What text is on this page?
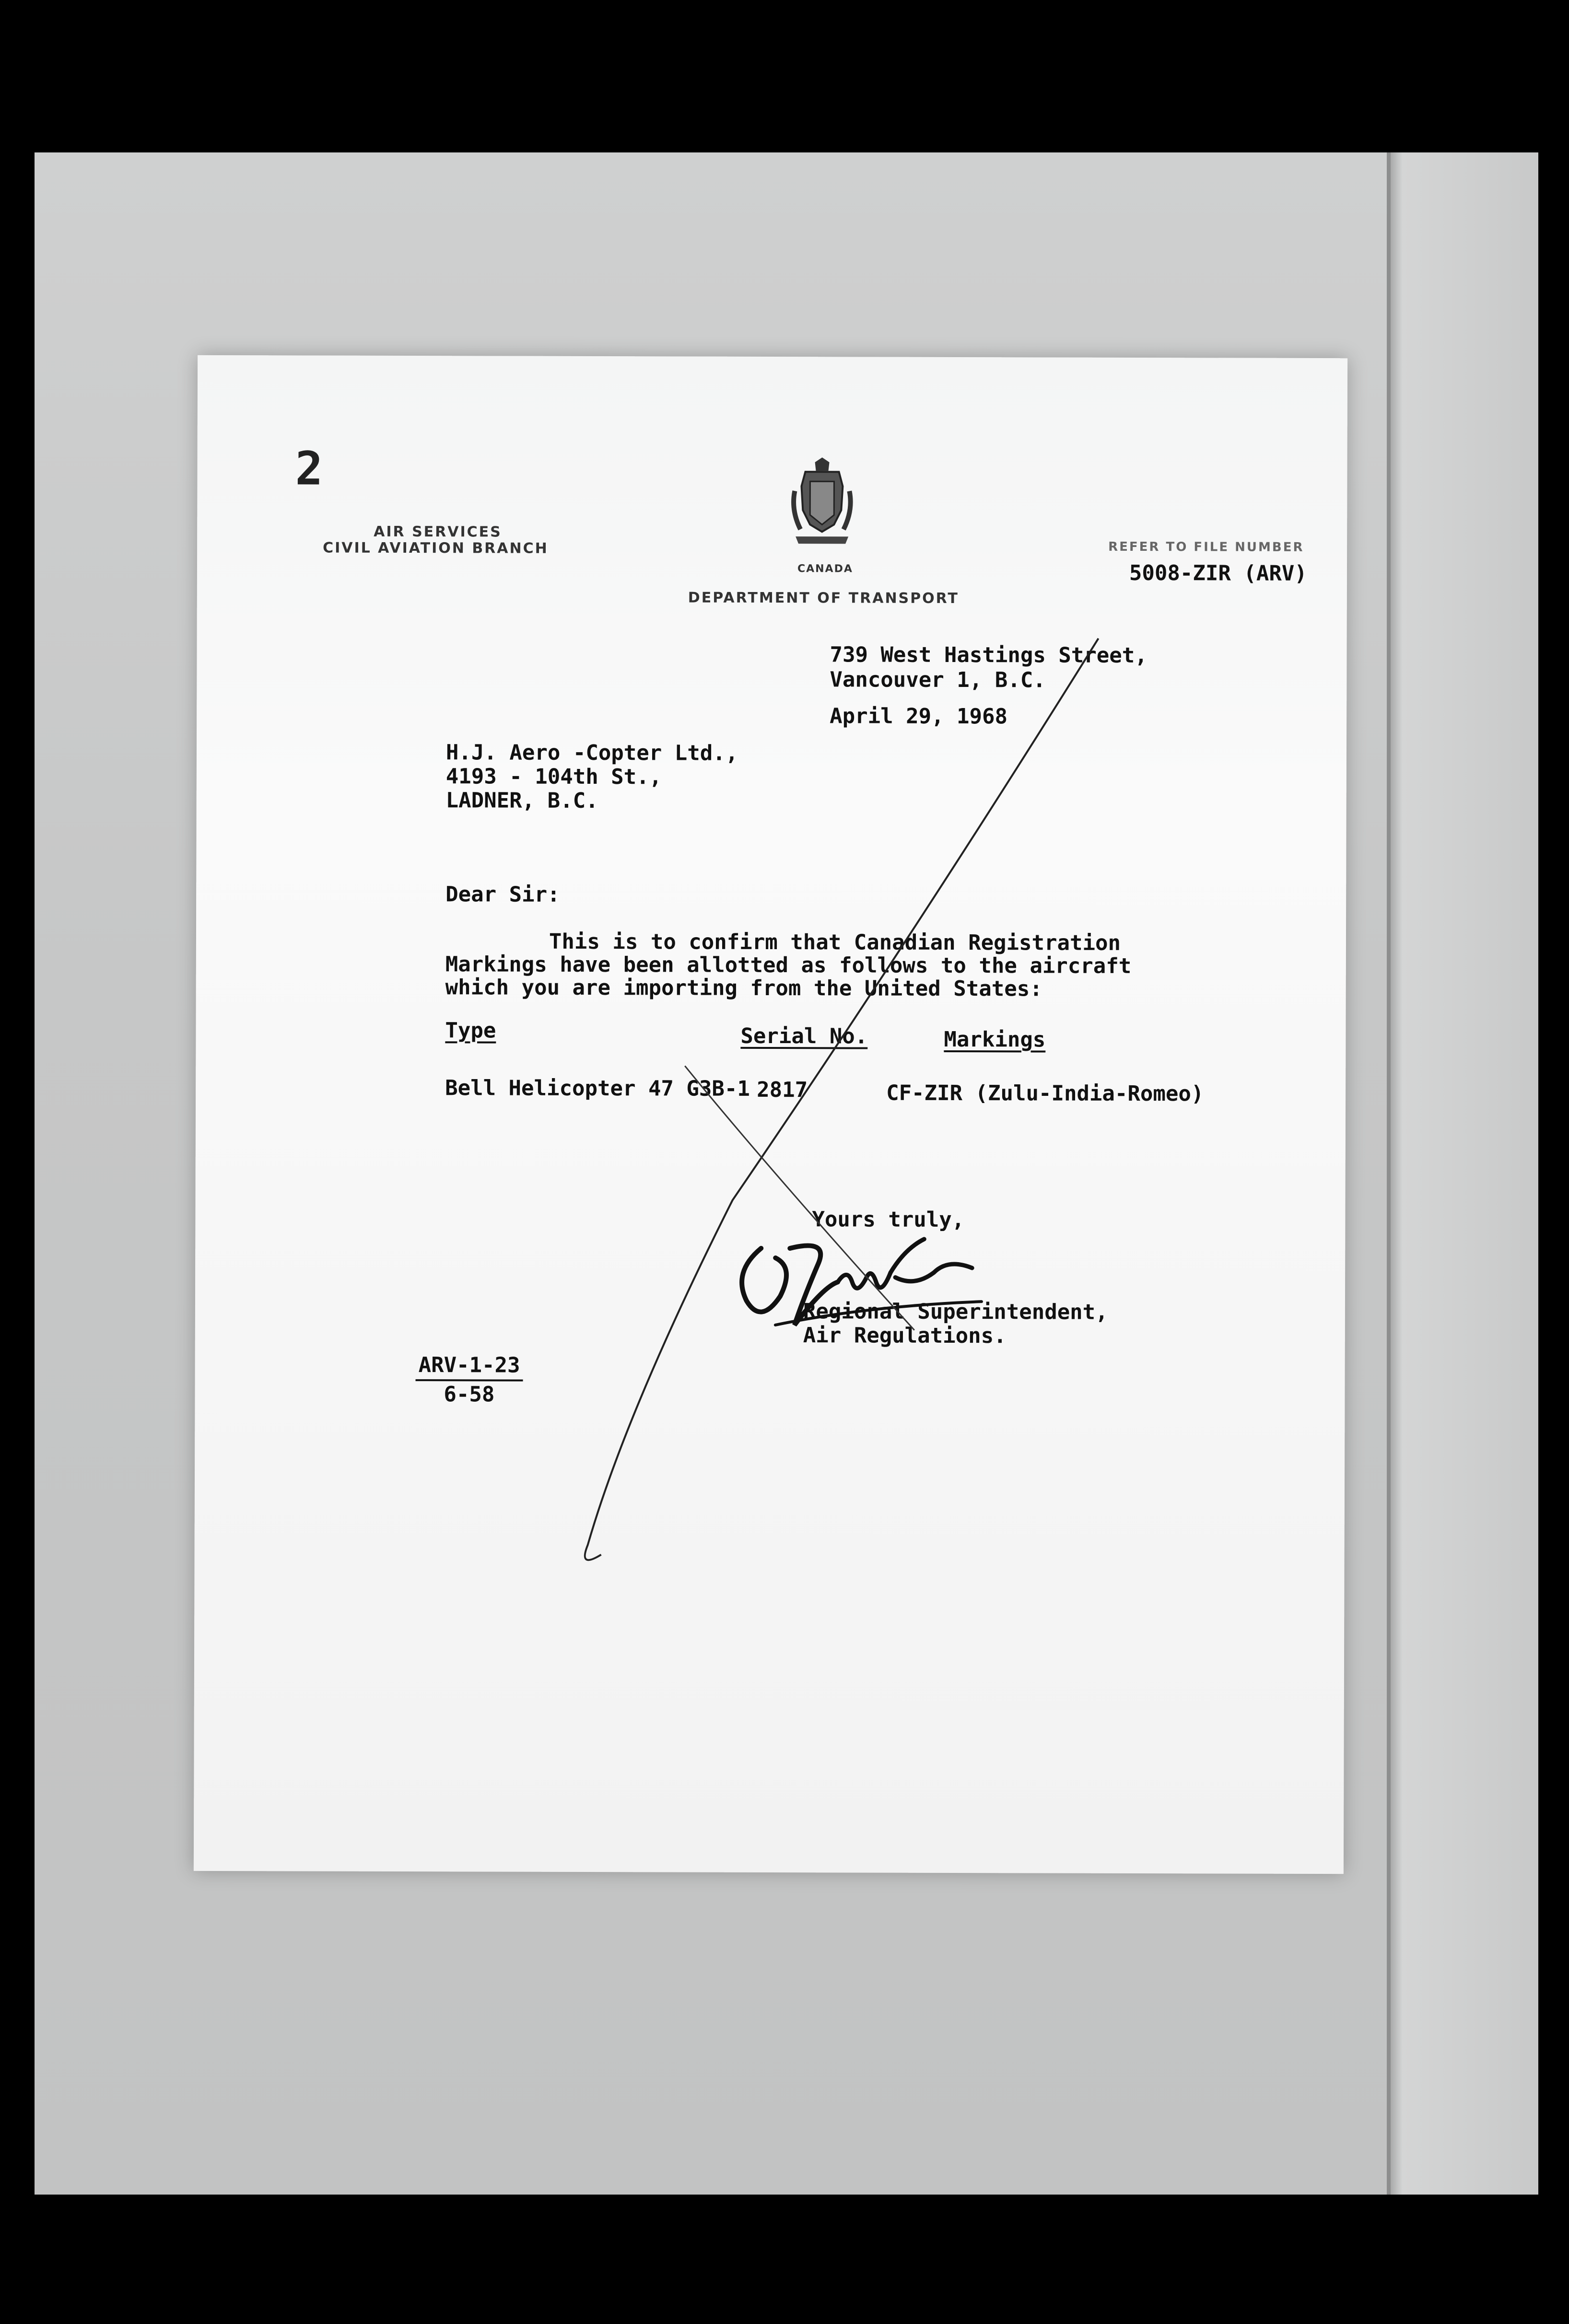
2
AIR SERVICES
CIVIL AVIATION BRANCH
CANADA
DEPARTMENT OF TRANSPORT
REFER TO FILE NUMBER
5008-ZIR (ARV)
739 West Hastings Street,
Vancouver 1, B.C.
April 29, 1968
H.J. Aero -Copter Ltd.,
4193 - 104th St.,
LADNER, B.C.
Dear Sir:
This is to confirm that Canadian Registration
Markings have been allotted as follows to the aircraft
which you are importing from the United States:
Type	Serial No.	Markings
Bell Helicopter 47 G3B-1 2817	CF-ZIR (Zulu-India-Romeo)
Yours truly,
Regional Superintendent,
Air Regulations.
ARV-1-23
6-58
